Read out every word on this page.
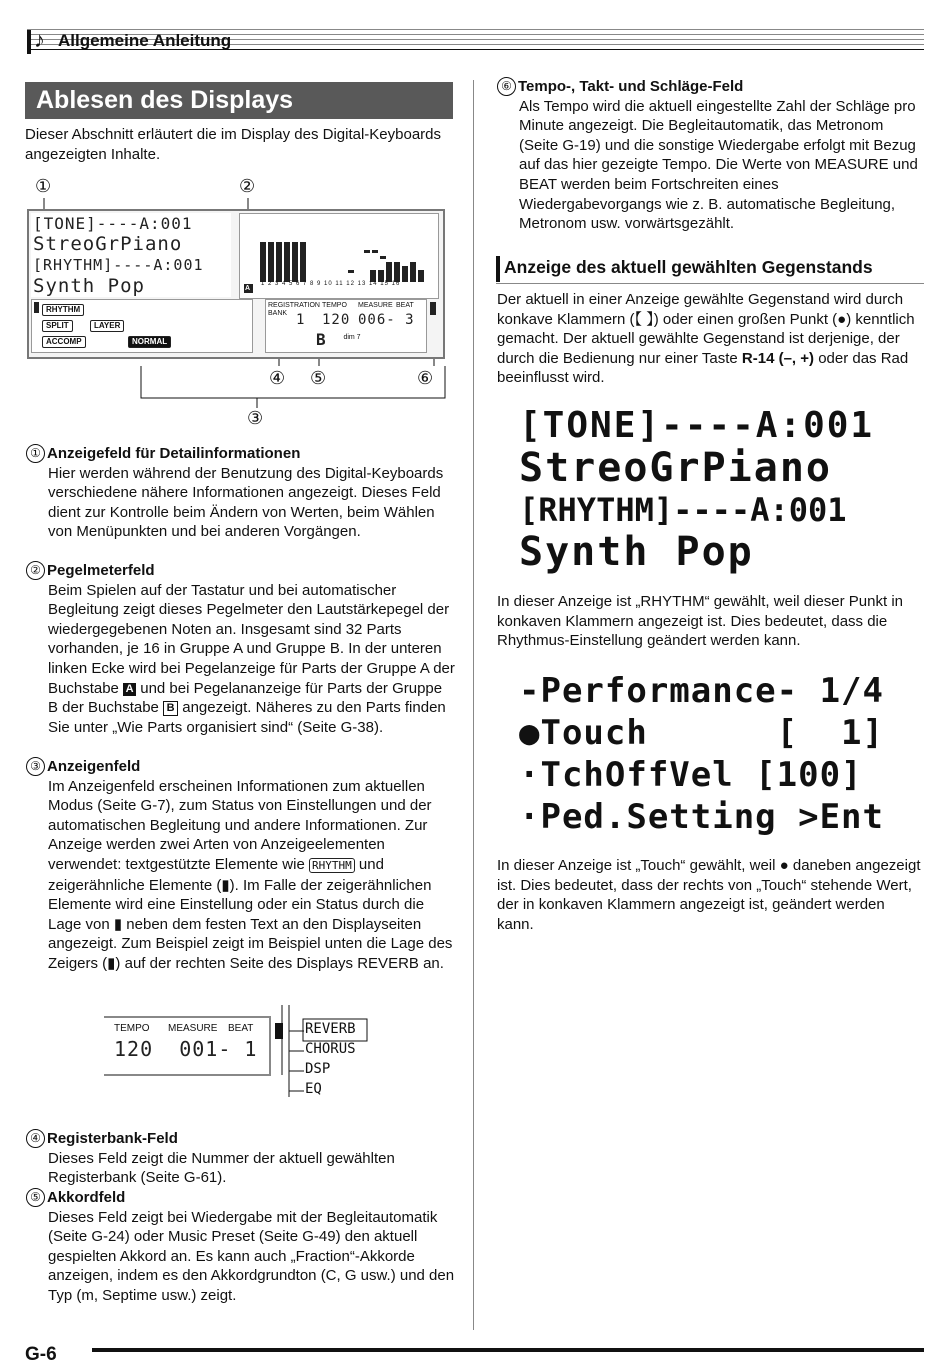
♪ Allgemeine Anleitung
Ablesen des Displays
Dieser Abschnitt erläutert die im Display des Digital-Keyboards angezeigten Inhalte.
①	②
[TONE]----A:001
StreoGrPiano
[RHYTHM]----A:001
Synth Pop	A
1 2 3 4 5 6 7 8 9 10 11 12 13 14 15 16
RHYTHM
SPLIT	LAYER
ACCOMP	NORMAL
REGISTRATION BANK 1
TEMPO MEASURE BEAT
120 006- 3
B dim 7
④ ⑤	⑥
③
① Anzeigefeld für Detailinformationen
Hier werden während der Benutzung des Digital-Keyboards verschiedene nähere Informationen angezeigt. Dieses Feld dient zur Kontrolle beim Ändern von Werten, beim Wählen von Menüpunkten und bei anderen Vorgängen.
② Pegelmeterfeld
Beim Spielen auf der Tastatur und bei automatischer Begleitung zeigt dieses Pegelmeter den Lautstärkepegel der wiedergegebenen Noten an. Insgesamt sind 32 Parts vorhanden, je 16 in Gruppe A und Gruppe B. In der unteren linken Ecke wird bei Pegelanzeige für Parts der Gruppe A der Buchstabe A und bei Pegelananzeige für Parts der Gruppe B der Buchstabe B angezeigt. Näheres zu den Parts finden Sie unter „Wie Parts organisiert sind“ (Seite G-38).
③ Anzeigenfeld
Im Anzeigenfeld erscheinen Informationen zum aktuellen Modus (Seite G-7), zum Status von Einstellungen und der automatischen Begleitung und andere Informationen. Zur Anzeige werden zwei Arten von Anzeigeelementen verwendet: textgestützte Elemente wie RHYTHM und zeigerähnliche Elemente (▮). Im Falle der zeigerähnlichen Elemente wird eine Einstellung oder ein Status durch die Lage von ▮ neben dem festen Text an den Displayseiten angezeigt. Zum Beispiel zeigt im Beispiel unten die Lage des Zeigers (▮) auf der rechten Seite des Displays REVERB an.
TEMPO MEASURE BEAT
120  001- 1
REVERB
CHORUS
DSP
EQ
④ Registerbank-Feld
Dieses Feld zeigt die Nummer der aktuell gewählten Registerbank (Seite G-61).
⑤ Akkordfeld
Dieses Feld zeigt bei Wiedergabe mit der Begleitautomatik (Seite G-24) oder Music Preset (Seite G-49) den aktuell gespielten Akkord an. Es kann auch „Fraction“-Akkorde anzeigen, indem es den Akkordgrundton (C, G usw.) und den Typ (m, Septime usw.) zeigt.
⑥ Tempo-, Takt- und Schläge-Feld
Als Tempo wird die aktuell eingestellte Zahl der Schläge pro Minute angezeigt. Die Begleitautomatik, das Metronom (Seite G-19) und die sonstige Wiedergabe erfolgt mit Bezug auf das hier gezeigte Tempo. Die Werte von MEASURE und BEAT werden beim Fortschreiten eines Wiedergabevorgangs wie z. B. automatische Begleitung, Metronom usw. vorwärtsgezählt.
Anzeige des aktuell gewählten Gegenstands
Der aktuell in einer Anzeige gewählte Gegenstand wird durch konkave Klammern (【 】) oder einen großen Punkt (●) kenntlich gemacht. Der aktuell gewählte Gegenstand ist derjenige, der durch die Bedienung nur einer Taste R-14 (–, +) oder das Rad beeinflusst wird.
[TONE]----A:001
StreoGrPiano
[RHYTHM]----A:001
Synth Pop
In dieser Anzeige ist „RHYTHM“ gewählt, weil dieser Punkt in konkaven Klammern angezeigt ist. Dies bedeutet, dass die Rhythmus-Einstellung geändert werden kann.
-Performance- 1/4
●Touch      [  1]
·TchOffVel [100]
·Ped.Setting >Ent
In dieser Anzeige ist „Touch“ gewählt, weil ● daneben angezeigt ist. Dies bedeutet, dass der rechts von „Touch“ stehende Wert, der in konkaven Klammern angezeigt ist, geändert werden kann.
G-6
